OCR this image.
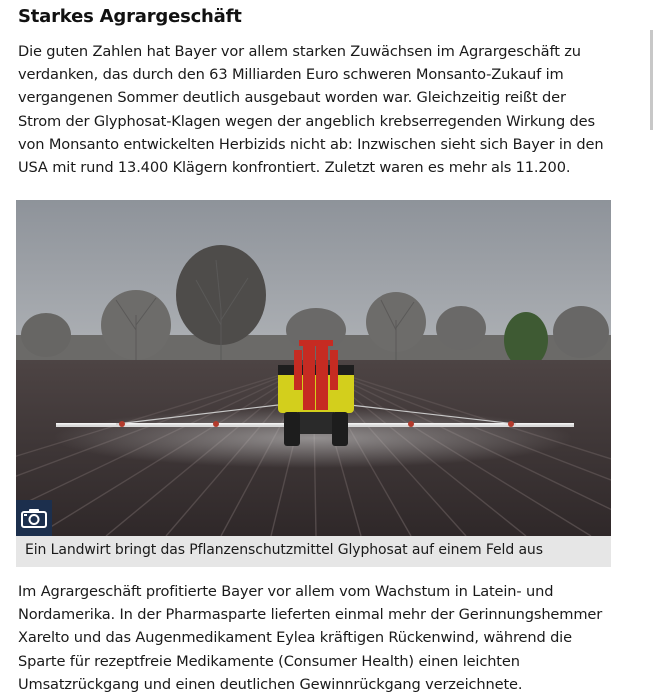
Starkes Agrargeschäft

Die guten Zahlen hat Bayer vor allem starken Zuwächsen im Agrargeschäft zu verdanken, das durch den 63 Milliarden Euro schweren Monsanto-Zukauf im vergangenen Sommer deutlich ausgebaut worden war. Gleichzeitig reißt der Strom der Glyphosat-Klagen wegen der angeblich krebserregenden Wirkung des von Monsanto entwickelten Herbizids nicht ab: Inzwischen sieht sich Bayer in den USA mit rund 13.400 Klägern konfrontiert. Zuletzt waren es mehr als 11.200.

Ein Landwirt bringt das Pflanzenschutzmittel Glyphosat auf einem Feld aus

Im Agrargeschäft profitierte Bayer vor allem vom Wachstum in Latein- und Nordamerika. In der Pharmasparte lieferten einmal mehr der Gerinnungshemmer Xarelto und das Augenmedikament Eylea kräftigen Rückenwind, während die Sparte für rezeptfreie Medikamente (Consumer Health) einen leichten Umsatzrückgang und einen deutlichen Gewinnrückgang verzeichnete.
